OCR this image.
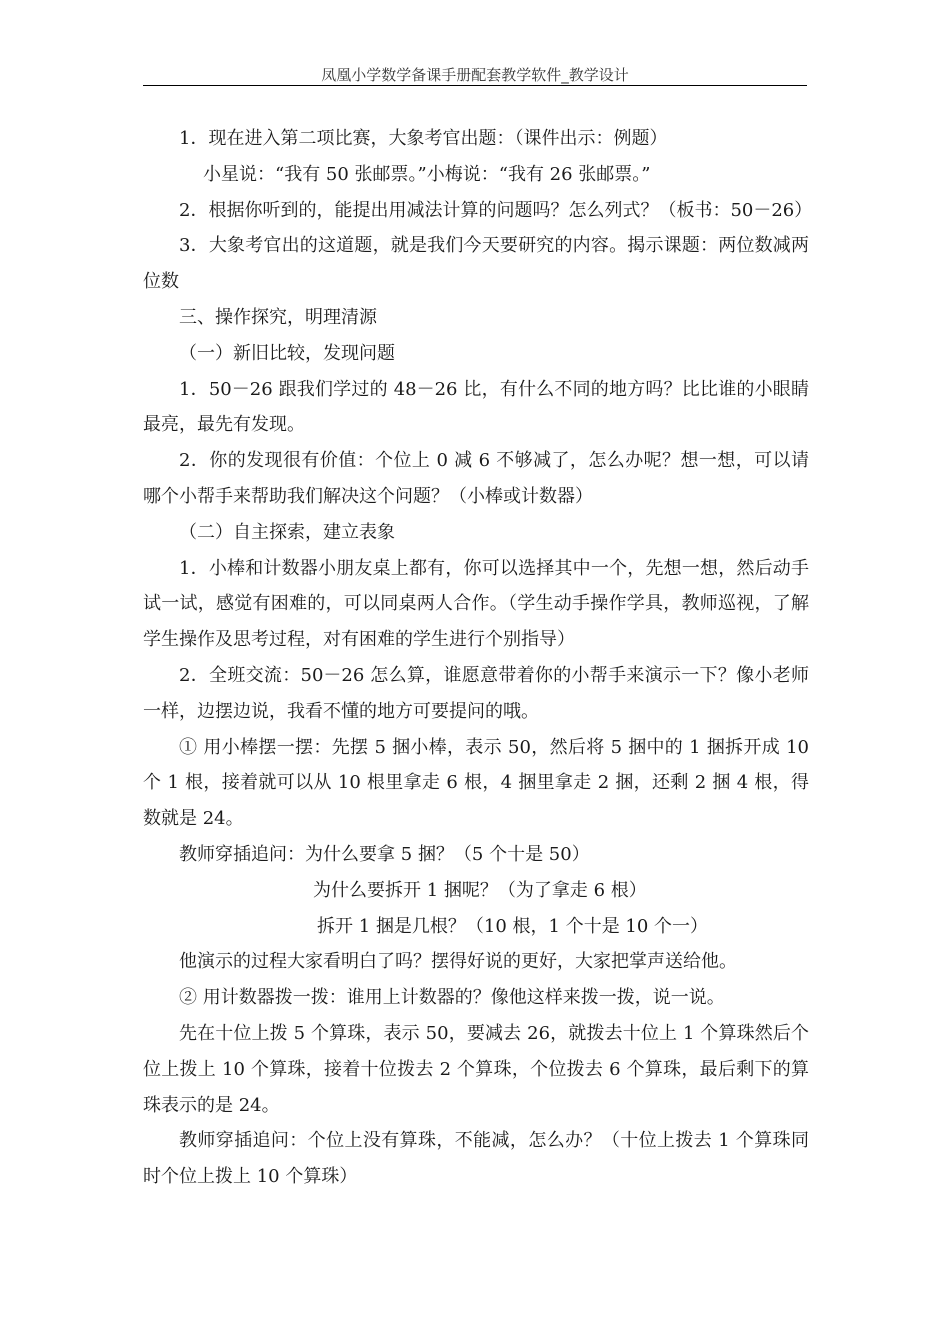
凤凰小学数学备课手册配套教学软件_教学设计

1．现在进入第二项比赛，大象考官出题：（课件出示：例题）

小星说：“我有 50 张邮票。”小梅说：“我有 26 张邮票。”

2．根据你听到的，能提出用减法计算的问题吗？怎么列式？（板书：50－26）

3．大象考官出的这道题，就是我们今天要研究的内容。揭示课题：两位数减两位数

三、操作探究，明理清源

（一）新旧比较，发现问题

1．50－26 跟我们学过的 48－26 比，有什么不同的地方吗？比比谁的小眼睛最亮，最先有发现。

2．你的发现很有价值：个位上 0 减 6 不够减了，怎么办呢？想一想，可以请哪个小帮手来帮助我们解决这个问题？（小棒或计数器）

（二）自主探索，建立表象

1．小棒和计数器小朋友桌上都有，你可以选择其中一个，先想一想，然后动手试一试，感觉有困难的，可以同桌两人合作。（学生动手操作学具，教师巡视，了解学生操作及思考过程，对有困难的学生进行个别指导）

2．全班交流：50－26 怎么算，谁愿意带着你的小帮手来演示一下？像小老师一样，边摆边说，我看不懂的地方可要提问的哦。

① 用小棒摆一摆：先摆 5 捆小棒，表示 50，然后将 5 捆中的 1 捆拆开成 10 个 1 根，接着就可以从 10 根里拿走 6 根，4 捆里拿走 2 捆，还剩 2 捆 4 根，得数就是 24。

教师穿插追问：为什么要拿 5 捆？（5 个十是 50）

为什么要拆开 1 捆呢？（为了拿走 6 根）

拆开 1 捆是几根？（10 根，1 个十是 10 个一）

他演示的过程大家看明白了吗？摆得好说的更好，大家把掌声送给他。

② 用计数器拨一拨：谁用上计数器的？像他这样来拨一拨，说一说。

先在十位上拨 5 个算珠，表示 50，要减去 26，就拨去十位上 1 个算珠然后个位上拨上 10 个算珠，接着十位拨去 2 个算珠，个位拨去 6 个算珠，最后剩下的算珠表示的是 24。

教师穿插追问：个位上没有算珠，不能减，怎么办？（十位上拨去 1 个算珠同时个位上拨上 10 个算珠）
